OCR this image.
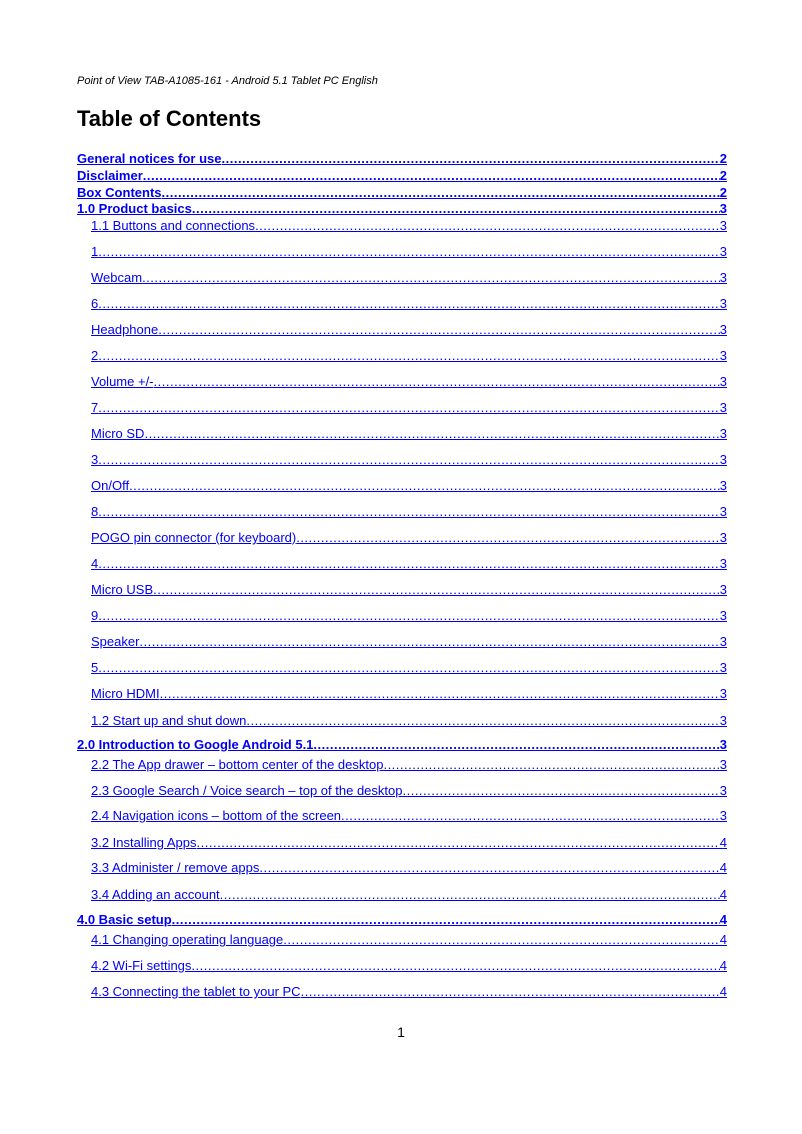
Point of View TAB-A1085-161 - Android 5.1 Tablet PC English
Table of Contents
General notices for use .....	2
Disclaimer .....	2
Box Contents .....	2
1.0 Product basics .....	3
1.1 Buttons and connections .....	3
1 .....	3
Webcam .....	3
6 .....	3
Headphone .....	3
2 .....	3
Volume +/- .....	3
7 .....	3
Micro SD .....	3
3 .....	3
On/Off .....	3
8 .....	3
POGO pin connector (for keyboard) .....	3
4 .....	3
Micro USB .....	3
9 .....	3
Speaker .....	3
5 .....	3
Micro HDMI .....	3
1.2 Start up and shut down .....	3
2.0 Introduction to Google Android 5.1 .....	3
2.2 The App drawer – bottom center of the desktop .....	3
2.3 Google Search / Voice search – top of the desktop .....	3
2.4 Navigation icons – bottom of the screen .....	3
3.2 Installing Apps .....	4
3.3 Administer / remove apps .....	4
3.4 Adding an account .....	4
4.0 Basic setup .....	4
4.1 Changing operating language .....	4
4.2 Wi-Fi settings .....	4
4.3 Connecting the tablet to your PC .....	4
1
